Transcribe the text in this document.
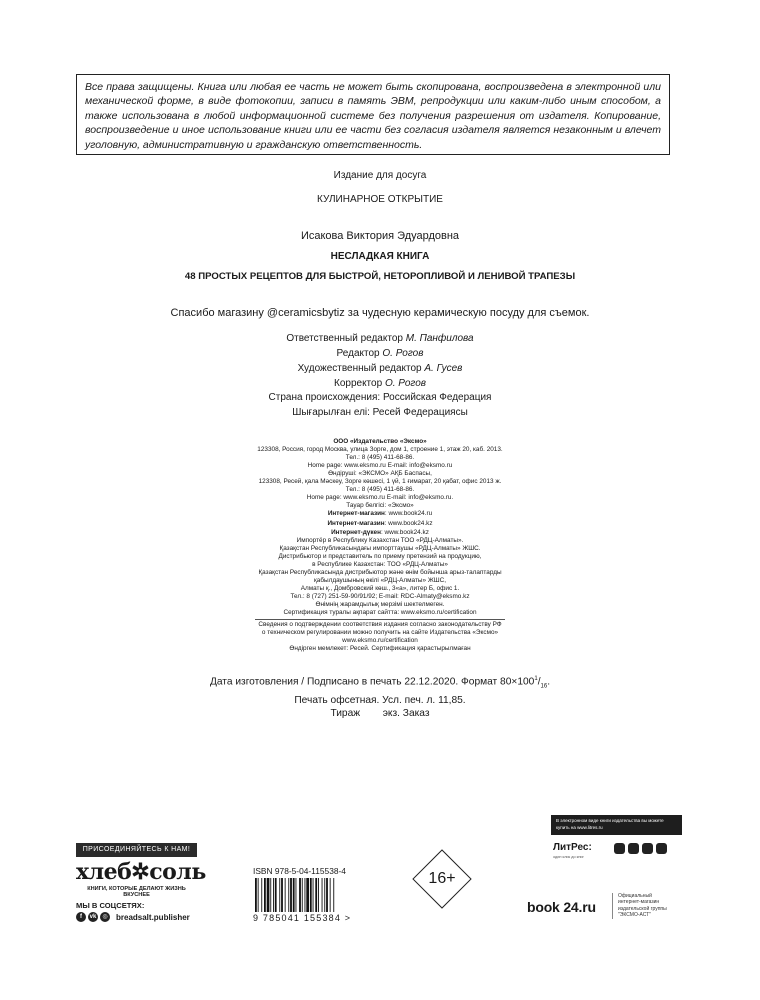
Все права защищены. Книга или любая ее часть не может быть скопирована, воспроизведена в электронной или механической форме, в виде фотокопии, записи в память ЭВМ, репродукции или каким-либо иным способом, а также использована в любой информационной системе без получения разрешения от издателя. Копирование, воспроизведение и иное использование книги или ее части без согласия издателя является незаконным и влечет уголовную, административную и гражданскую ответственность.
Издание для досуга
КУЛИНАРНОЕ ОТКРЫТИЕ
Исакова Виктория Эдуардовна
НЕСЛАДКАЯ КНИГА
48 ПРОСТЫХ РЕЦЕПТОВ ДЛЯ БЫСТРОЙ, НЕТОРОПЛИВОЙ И ЛЕНИВОЙ ТРАПЕЗЫ
Спасибо магазину @ceramicsbytiz за чудесную керамическую посуду для съемок.
Ответственный редактор М. Панфилова
Редактор О. Рогов
Художественный редактор А. Гусев
Корректор О. Рогов
Страна происхождения: Российская Федерация
Шығарылған елі: Ресей Федерациясы
ООО «Издательство «Эксмо»
123308, Россия, город Москва, улица Зорге, дом 1, строение 1, этаж 20, каб. 2013.
Тел.: 8 (495) 411-68-86.
Home page: www.eksmo.ru E-mail: info@eksmo.ru
Өндіруші: «ЭКСМО» АҚБ Баспасы,
123308, Ресей, қала Мәскеу, Зорге көшесі, 1 үй, 1 ғимарат, 20 қабат, офис 2013 ж.
Тел.: 8 (495) 411-68-86.
Home page: www.eksmo.ru E-mail: info@eksmo.ru.
Тауар белгісі: «Эксмо»
Интернет-магазин: www.book24.ru
Интернет-магазин: www.book24.kz
Интернет-дүкен: www.book24.kz
Импортёр в Республику Казахстан ТОО «РДЦ-Алматы».
Қазақстан Республикасындағы импорттаушы «РДЦ-Алматы» ЖШС.
Дистрибьютор и представитель по приему претензий на продукцию,
в Республике Казахстан: ТОО «РДЦ-Алматы»
Қазақстан Республикасында дистрибьютор және өнім бойынша арыз-талаптарды
қабылдаушының өкілі «РДЦ-Алматы» ЖШС,
Алматы қ., Домбровский көш., 3«а», литер Б, офис 1.
Тел.: 8 (727) 251-59-90/91/92; E-mail: RDC-Almaty@eksmo.kz
Өнімнің жарамдылық мерзімі шектелмеген.
Сертификация туралы ақпарат сайтта: www.eksmo.ru/certification
Сведения о подтверждении соответствия издания согласно законодательству РФ
о техническом регулировании можно получить на сайте Издательства «Эксмо»
www.eksmo.ru/certification
Өндірген мемлекет: Ресей. Сертификация қарастырылмаған
Дата изготовления / Подписано в печать 22.12.2020. Формат $80\times 100^1/_{16}$.
Печать офсетная. Усл. печ. л. 11,85.
Тираж        экз. Заказ
ПРИСОЕДИНЯЙТЕСЬ К НАМ!
хлеб✲соль
КНИГИ, КОТОРЫЕ ДЕЛАЮТ ЖИЗНЬ ВКУСНЕЕ
МЫ В СОЦСЕТЯХ:
f	vk	◎ breadsalt.publisher
ISBN 978-5-04-115538-4
9 785041 155384 >
16+
В электронном виде книги издательства вы можете купить на www.litres.ru
ЛитРес:
один клик до книг
book 24.ru
Официальный
интернет-магазин
издательской группы
"ЭКСМО-АСТ"
